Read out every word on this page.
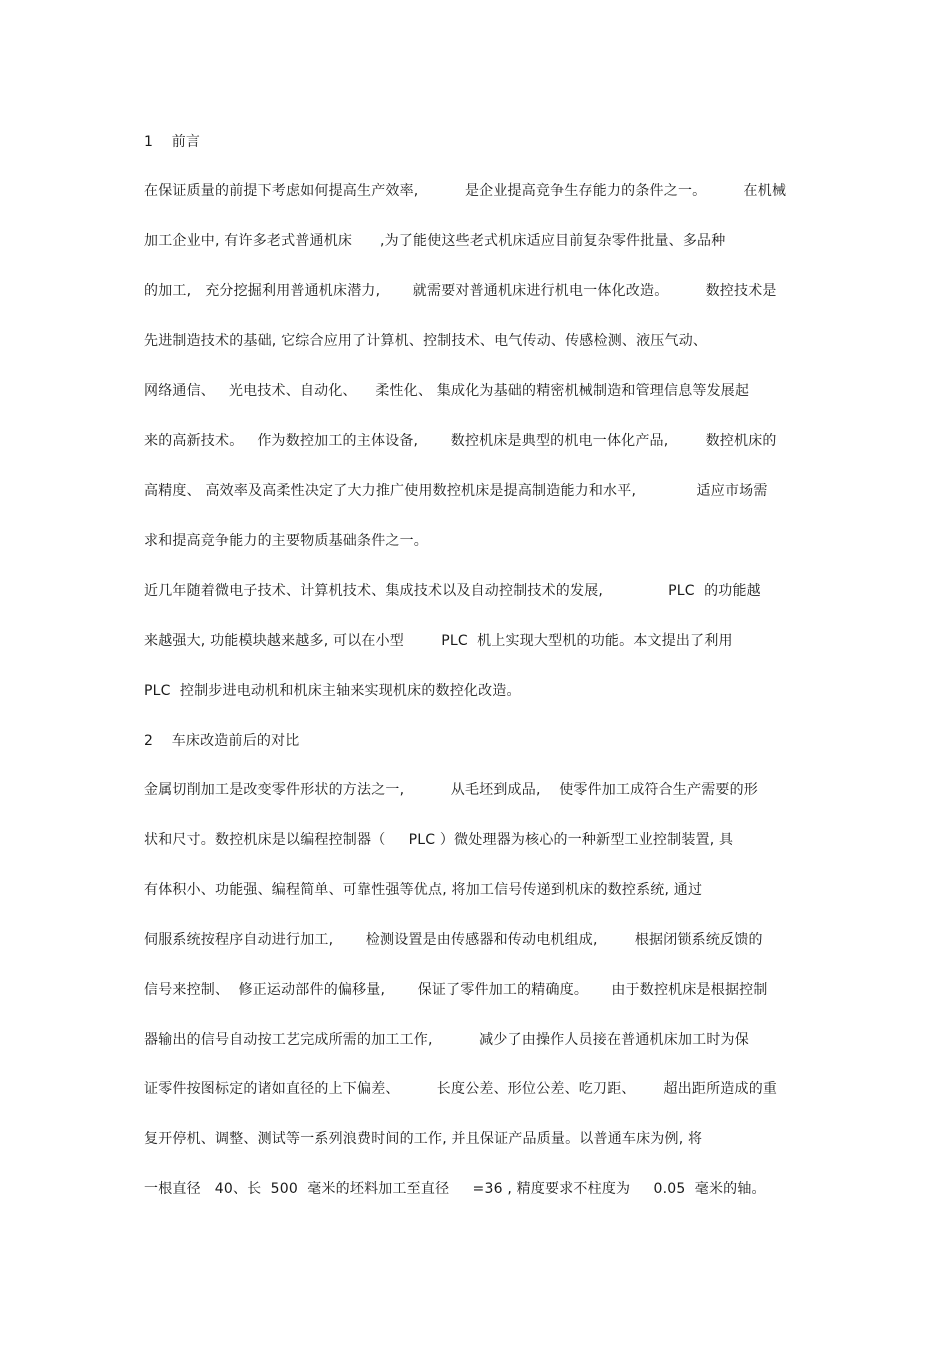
1    前言
在保证质量的前提下考虑如何提高生产效率,          是企业提高竞争生存能力的条件之一。        在机械
加工企业中, 有许多老式普通机床      ,为了能使这些老式机床适应目前复杂零件批量、多品种
的加工,   充分挖掘利用普通机床潜力,       就需要对普通机床进行机电一体化改造。        数控技术是
先进制造技术的基础, 它综合应用了计算机、控制技术、电气传动、传感检测、液压气动、
网络通信、   光电技术、自动化、    柔性化、 集成化为基础的精密机械制造和管理信息等发展起
来的高新技术。   作为数控加工的主体设备,       数控机床是典型的机电一体化产品,        数控机床的
高精度、 高效率及高柔性决定了大力推广使用数控机床是提高制造能力和水平,             适应市场需
求和提高竞争能力的主要物质基础条件之一。
近几年随着微电子技术、计算机技术、集成技术以及自动控制技术的发展,              PLC  的功能越
来越强大, 功能模块越来越多, 可以在小型        PLC  机上实现大型机的功能。本文提出了利用
PLC  控制步进电动机和机床主轴来实现机床的数控化改造。
2    车床改造前后的对比
金属切削加工是改变零件形状的方法之一,          从毛坯到成品,    使零件加工成符合生产需要的形
状和尺寸。数控机床是以编程控制器（     PLC ）微处理器为核心的一种新型工业控制装置, 具
有体积小、功能强、编程简单、可靠性强等优点, 将加工信号传递到机床的数控系统, 通过
伺服系统按程序自动进行加工,       检测设置是由传感器和传动电机组成,        根据闭锁系统反馈的
信号来控制、  修正运动部件的偏移量,       保证了零件加工的精确度。     由于数控机床是根据控制
器输出的信号自动按工艺完成所需的加工工作,          减少了由操作人员接在普通机床加工时为保
证零件按图标定的诸如直径的上下偏差、        长度公差、形位公差、吃刀距、      超出距所造成的重
复开停机、调整、测试等一系列浪费时间的工作, 并且保证产品质量。以普通车床为例, 将
一根直径   40、长  500  毫米的坯料加工至直径     =36 , 精度要求不柱度为     0.05  毫米的轴。
